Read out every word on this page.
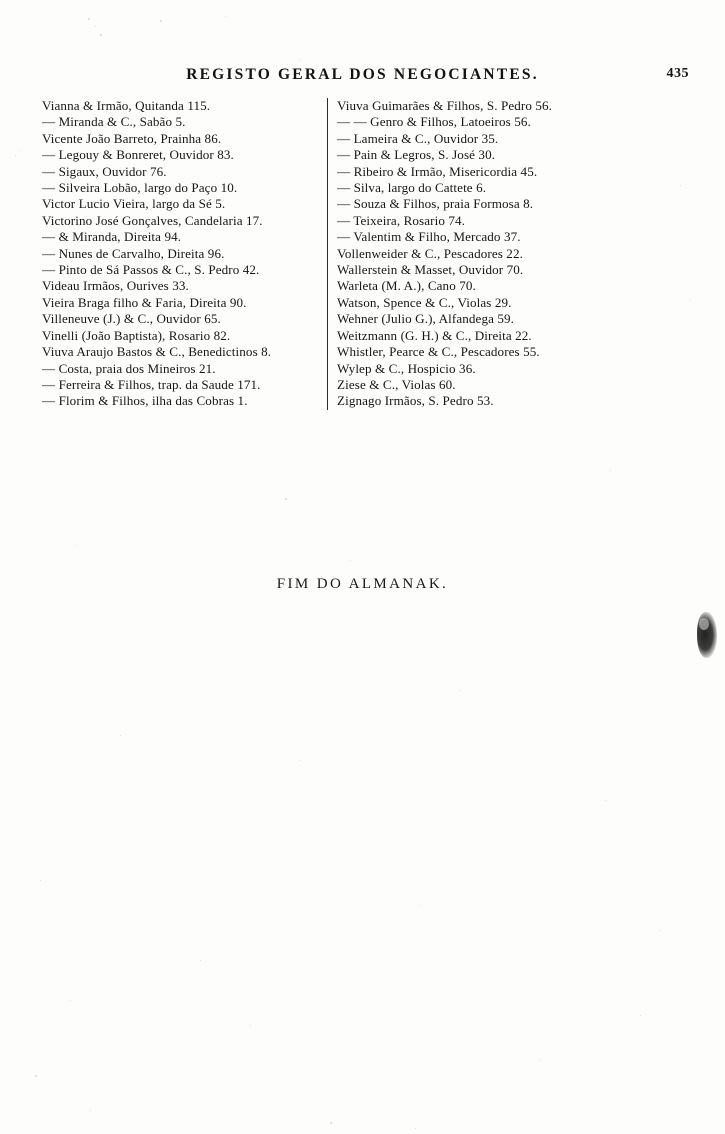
REGISTO GERAL DOS NEGOCIANTES.	435
Vianna & Irmão, Quitanda 115.
— Miranda & C., Sabão 5.
Vicente João Barreto, Prainha 86.
— Legouy & Bonreret, Ouvidor 83.
— Sigaux, Ouvidor 76.
— Silveira Lobão, largo do Paço 10.
Victor Lucio Vieira, largo da Sé 5.
Victorino José Gonçalves, Candelaria 17.
— & Miranda, Direita 94.
— Nunes de Carvalho, Direita 96.
— Pinto de Sá Passos & C., S. Pedro 42.
Videau Irmãos, Ourives 33.
Vieira Braga filho & Faria, Direita 90.
Villeneuve (J.) & C., Ouvidor 65.
Vinelli (João Baptista), Rosario 82.
Viuva Araujo Bastos & C., Benedictinos 8.
— Costa, praia dos Mineiros 21.
— Ferreira & Filhos, trap. da Saude 171.
— Florim & Filhos, ilha das Cobras 1.
Viuva Guimarães & Filhos, S. Pedro 56.
— — Genro & Filhos, Latoeiros 56.
— Lameira & C., Ouvidor 35.
— Pain & Legros, S. José 30.
— Ribeiro & Irmão, Misericordia 45.
— Silva, largo do Cattete 6.
— Souza & Filhos, praia Formosa 8.
— Teixeira, Rosario 74.
— Valentim & Filho, Mercado 37.
Vollenweider & C., Pescadores 22.
Wallerstein & Masset, Ouvidor 70.
Warleta (M. A.), Cano 70.
Watson, Spence & C., Violas 29.
Wehner (Julio G.), Alfandega 59.
Weitzmann (G. H.) & C., Direita 22.
Whistler, Pearce & C., Pescadores 55.
Wylep & C., Hospicio 36.
Ziese & C., Violas 60.
Zignago Irmãos, S. Pedro 53.
FIM DO ALMANAK.
